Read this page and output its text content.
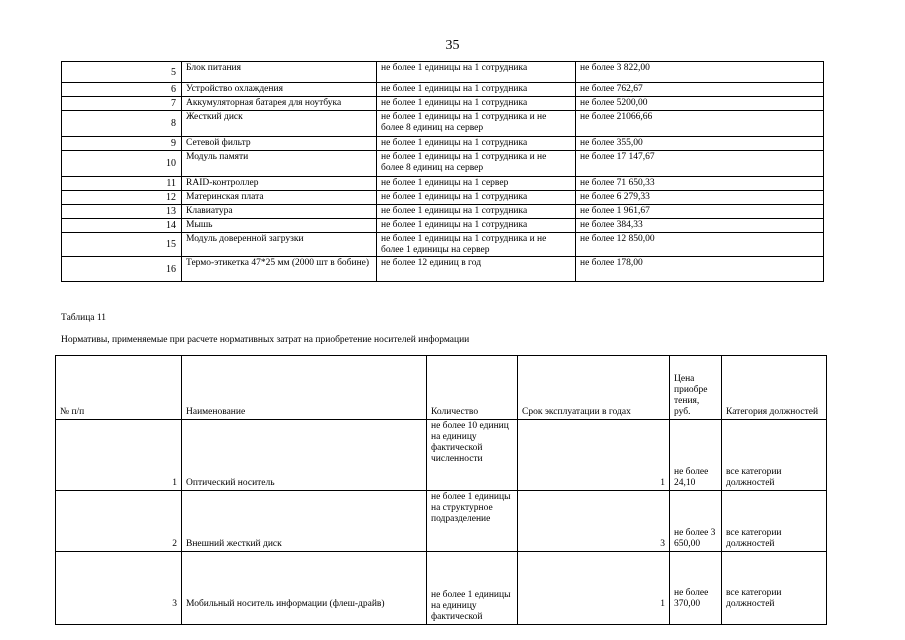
35
5	Блок питания	не более 1 единицы на 1 сотрудника	не более 3 822,00
6	Устройство охлаждения	не более 1 единицы на 1 сотрудника	не более 762,67
7	Аккумуляторная батарея для ноутбука	не более 1 единицы на 1 сотрудника	не более 5200,00
8	Жесткий диск	не более 1 единицы на 1 сотрудника и не более 8 единиц на сервер	не более 21066,66
9	Сетевой фильтр	не более 1 единицы на 1 сотрудника	не более 355,00
10	Модуль памяти	не более 1 единицы на 1 сотрудника и не более 8 единиц на сервер	не более 17 147,67
11	RAID-контроллер	не более 1 единицы на 1 сервер	не более 71 650,33
12	Материнская плата	не более 1 единицы на 1 сотрудника	не более 6 279,33
13	Клавиатура	не более 1 единицы на 1 сотрудника	не более 1 961,67
14	Мышь	не более 1 единицы на 1 сотрудника	не более 384,33
15	Модуль доверенной загрузки	не более 1 единицы на 1 сотрудника и не более 1 единицы на сервер	не более 12 850,00
16	Термо-этикетка 47*25 мм (2000 шт в бобине)	не более 12 единиц в год	не более 178,00
Таблица 11
Нормативы, применяемые при расчете нормативных затрат на приобретение носителей информации
№ п/п	Наименование	Количество	Срок эксплуатации в годах	Цена приобре тения, руб.	Категория должностей
1	Оптический носитель	не более 10 единиц на единицу фактической численности	1	не более 24,10	все категории должностей
2	Внешний жесткий диск	не более 1 единицы на структурное подразделение	3	не более 3 650,00	все категории должностей
3	Мобильный носитель информации (флеш-драйв)	не более 1 единицы на единицу фактической	1	не более 370,00	все категории должностей
